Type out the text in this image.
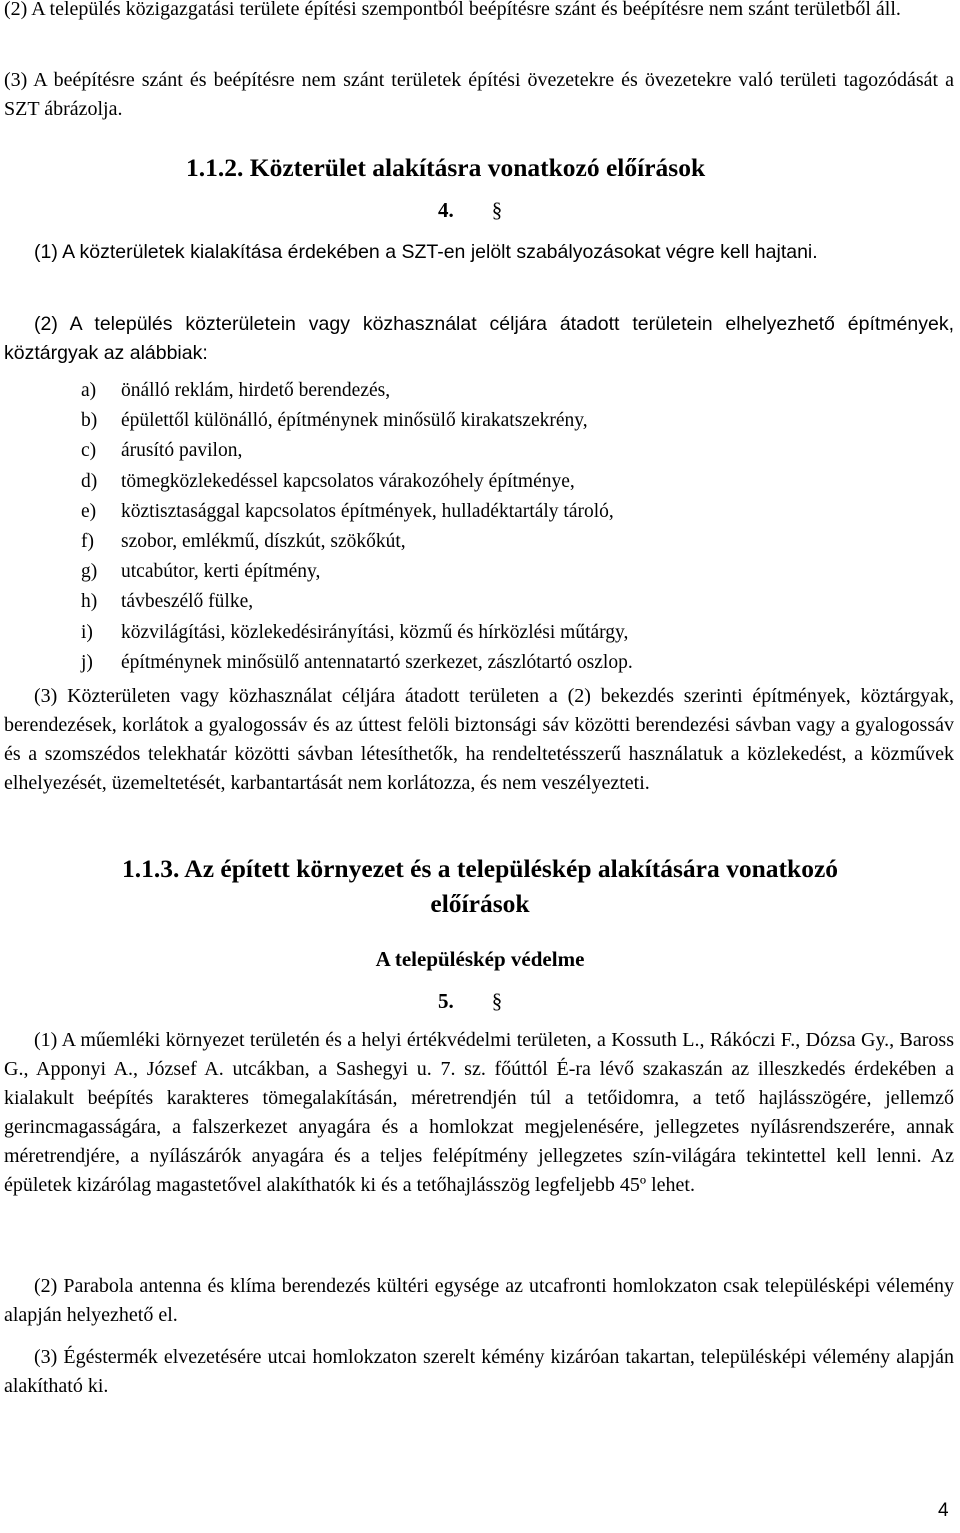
(2) A település közigazgatási területe építési szempontból beépítésre szánt és beépítésre nem szánt területből áll.
(3) A beépítésre szánt és beépítésre nem szánt területek építési övezetekre és övezetekre való területi tagozódását a SZT ábrázolja.
1.1.2. Közterület alakításra vonatkozó előírások
4. §
(1) A közterületek kialakítása érdekében a SZT-en jelölt szabályozásokat végre kell hajtani.
(2) A település közterületein vagy közhasználat céljára átadott területein elhelyezhető építmények, köztárgyak az alábbiak:
a) önálló reklám, hirdető berendezés,
b) épülettől különálló, építménynek minősülő kirakatszekrény,
c) árusító pavilon,
d) tömegközlekedéssel kapcsolatos várakozóhely építménye,
e) köztisztasággal kapcsolatos építmények, hulladéktartály tároló,
f) szobor, emlékmű, díszkút, szökőkút,
g) utcabútor, kerti építmény,
h) távbeszélő fülke,
i) közvilágítási, közlekedésirányítási, közmű és hírközlési műtárgy,
j) építménynek minősülő antennatartó szerkezet, zászlótartó oszlop.
(3) Közterületen vagy közhasználat céljára átadott területen a (2) bekezdés szerinti építmények, köztárgyak, berendezések, korlátok a gyalogossáv és az úttest felöli biztonsági sáv közötti berendezési sávban vagy a gyalogossáv és a szomszédos telekhatár közötti sávban létesíthetők, ha rendeltetésszerű használatuk a közlekedést, a közművek elhelyezését, üzemeltetését, karbantartását nem korlátozza, és nem veszélyezteti.
1.1.3. Az épített környezet és a településkép alakítására vonatkozó
előírások
A településkép védelme
5. §
(1) A műemléki környezet területén és a helyi értékvédelmi területen, a Kossuth L., Rákóczi F., Dózsa Gy., Baross G., Apponyi A., József A. utcákban, a Sashegyi u. 7. sz. főúttól É-ra lévő szakaszán az illeszkedés érdekében a kialakult beépítés karakteres tömegalakításán, méretrendjén túl a tetőidomra, a tető hajlásszögére, jellemző gerincmagasságára, a falszerkezet anyagára és a homlokzat megjelenésére, jellegzetes nyílásrendszerére, annak méretrendjére, a nyílászárók anyagára és a teljes felépítmény jellegzetes szín-világára tekintettel kell lenni. Az épületek kizárólag magastetővel alakíthatók ki és a tetőhajlásszög legfeljebb 45º lehet.
(2) Parabola antenna és klíma berendezés kültéri egysége az utcafronti homlokzaton csak településképi vélemény alapján helyezhető el.
(3) Égéstermék elvezetésére utcai homlokzaton szerelt kémény kizáróan takartan, településképi vélemény alapján alakítható ki.
4
